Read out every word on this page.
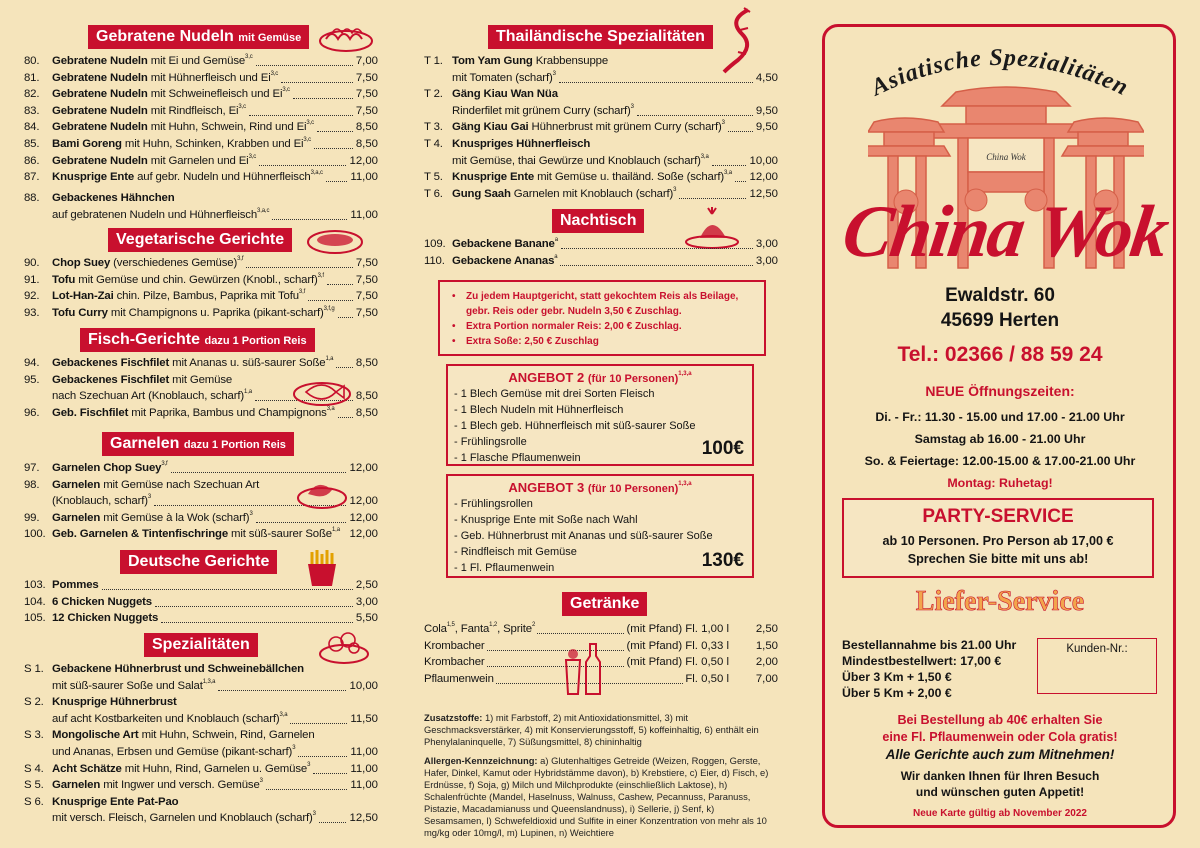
Gebratene Nudeln mit Gemüse
80. Gebratene Nudeln mit Ei und Gemüse$^{3,c}$	7,00
81. Gebratene Nudeln mit Hühnerfleisch und Ei$^{3,c}$	7,50
82. Gebratene Nudeln mit Schweinefleisch und Ei$^{3,c}$	7,50
83. Gebratene Nudeln mit Rindfleisch, Ei$^{3,c}$	7,50
84. Gebratene Nudeln mit Huhn, Schwein, Rind und Ei$^{3,c}$	8,50
85. Bami Goreng mit Huhn, Schinken, Krabben und Ei$^{3,c}$	8,50
86. Gebratene Nudeln mit Garnelen und Ei$^{3,c}$	12,00
87. Knusprige Ente auf gebr. Nudeln und Hühnerfleisch$^{3,a,c}$ 11,00
88. Gebackenes Hähnchen
auf gebratenen Nudeln und Hühnerfleisch$^{3,a,c}$	11,00
Vegetarische Gerichte
90. Chop Suey (verschiedenes Gemüse)$^{3,f}$	7,50
91. Tofu mit Gemüse und chin. Gewürzen (Knobl., scharf)$^{3,f}$	7,50
92. Lot-Han-Zai chin. Pilze, Bambus, Paprika mit Tofu$^{3,f}$	7,50
93. Tofu Curry mit Champignons u. Paprika (pikant-scharf)$^{3,f,g}$ 7,50
Fisch-Gerichte dazu 1 Portion Reis
94. Gebackenes Fischfilet mit Ananas u. süß-saurer Soße$^{1,a}$ 8,50
95. Gebackenes Fischfilet mit Gemüse
nach Szechuan Art (Knoblauch, scharf)$^{1,a}$	8,50
96. Geb. Fischfilet mit Paprika, Bambus und Champignons$^{3,a}$ 8,50
Garnelen dazu 1 Portion Reis
97. Garnelen Chop Suey$^{3,f}$	12,00
98. Garnelen mit Gemüse nach Szechuan Art
(Knoblauch, scharf)$^3$	12,00
99. Garnelen mit Gemüse à la Wok (scharf)$^3$	12,00
100. Geb. Garnelen & Tintenfischringe mit süß-saurer Soße$^{1,a}$ 12,00
Deutsche Gerichte
103. Pommes	2,50
104. 6 Chicken Nuggets	3,00
105. 12 Chicken Nuggets	5,50
Spezialitäten
S 1. Gebackene Hühnerbrust und Schweinebällchen
mit süß-saurer Soße und Salat$^{1,3,a}$	10,00
S 2. Knusprige Hühnerbrust
auf acht Kostbarkeiten und Knoblauch (scharf)$^{3,a}$	11,50
S 3. Mongolische Art mit Huhn, Schwein, Rind, Garnelen
und Ananas, Erbsen und Gemüse (pikant-scharf)$^3$	11,00
S 4. Acht Schätze mit Huhn, Rind, Garnelen u. Gemüse$^3$	11,00
S 5. Garnelen mit Ingwer und versch. Gemüse$^3$	11,00
S 6. Knusprige Ente Pat-Pao
mit versch. Fleisch, Garnelen und Knoblauch (scharf)$^3$	12,50
Thailändische Spezialitäten
T 1. Tom Yam Gung Krabbensuppe
mit Tomaten (scharf)$^3$	4,50
T 2. Gäng Kiau Wan Nüa
Rinderfilet mit grünem Curry (scharf)$^3$	9,50
T 3. Gäng Kiau Gai Hühnerbrust mit grünem Curry (scharf)$^3$	9,50
T 4. Knuspriges Hühnerfleisch
mit Gemüse, thai Gewürze und Knoblauch (scharf)$^{3,a}$	10,00
T 5. Knusprige Ente mit Gemüse u. thailänd. Soße (scharf)$^{3,a}$ 12,00
T 6. Gung Saah Garnelen mit Knoblauch (scharf)$^3$	12,50
Nachtisch
109. Gebackene Banane$^a$	3,00
110. Gebackene Ananas$^a$	3,00
• Zu jedem Hauptgericht, statt gekochtem Reis als Beilage,
gebr. Reis oder gebr. Nudeln 3,50 € Zuschlag.
• Extra Portion normaler Reis: 2,00 € Zuschlag.
• Extra Soße: 2,50 € Zuschlag
ANGEBOT 2 (für 10 Personen)$^{1,3,a}$
- 1 Blech Gemüse mit drei Sorten Fleisch
- 1 Blech Nudeln mit Hühnerfleisch
- 1 Blech geb. Hühnerfleisch mit süß-saurer Soße
- Frühlingsrolle
- 1 Flasche Pflaumenwein	100€
ANGEBOT 3 (für 10 Personen)$^{1,3,a}$
- Frühlingsrollen
- Knusprige Ente mit Soße nach Wahl
- Geb. Hühnerbrust mit Ananas und süß-saurer Soße
- Rindfleisch mit Gemüse
- 1 Fl. Pflaumenwein	130€
Getränke
Cola$^{1,5}$, Fanta$^{1,2}$, Sprite$^2$	(mit Pfand) Fl. 1,00 l 2,50
Krombacher	(mit Pfand) Fl. 0,33 l 1,50
Krombacher	(mit Pfand) Fl. 0,50 l 2,00
Pflaumenwein	Fl. 0,50 l 7,00
Zusatzstoffe: 1) mit Farbstoff, 2) mit Antioxidationsmittel, 3) mit Geschmacksverstärker, 4) mit Konservierungsstoff, 5) koffeinhaltig, 6) enthält ein Phenylalaninquelle, 7) Süßungsmittel, 8) chininhaltig
Allergen-Kennzeichnung: a) Glutenhaltiges Getreide (Weizen, Roggen, Gerste, Hafer, Dinkel, Kamut oder Hybridstämme davon), b) Krebstiere, c) Eier, d) Fisch, e) Erdnüsse, f) Soja, g) Milch und Milchprodukte (einschließlich Laktose), h) Schalenfrüchte (Mandel, Haselnuss, Walnuss, Cashew, Pecannuss, Paranuss, Pistazie, Macadamianuss und Queenslandnuss), i) Sellerie, j) Senf, k) Sesamsamen, l) Schwefeldioxid und Sulfite in einer Konzentration von mehr als 10 mg/kg oder 10mg/l, m) Lupinen, n) Weichtiere
Asiatische Spezialitäten
China Wok
China Wok
Ewaldstr. 60
45699 Herten
Tel.: 02366 / 88 59 24
NEUE Öffnungszeiten:
Di. - Fr.: 11.30 - 15.00 und 17.00 - 21.00 Uhr
Samstag ab 16.00 - 21.00 Uhr
So. & Feiertage: 12.00-15.00 & 17.00-21.00 Uhr
Montag: Ruhetag!
PARTY-SERVICE
ab 10 Personen. Pro Person ab 17,00 €
Sprechen Sie bitte mit uns ab!
Liefer-Service
Bestellannahme bis 21.00 Uhr
Mindestbestellwert: 17,00 €
Über 3 Km + 1,50 €
Über 5 Km + 2,00 €
Kunden-Nr.:
Bei Bestellung ab 40€ erhalten Sie
eine Fl. Pflaumenwein oder Cola gratis!
Alle Gerichte auch zum Mitnehmen!
Wir danken Ihnen für Ihren Besuch
und wünschen guten Appetit!
Neue Karte gültig ab November 2022
